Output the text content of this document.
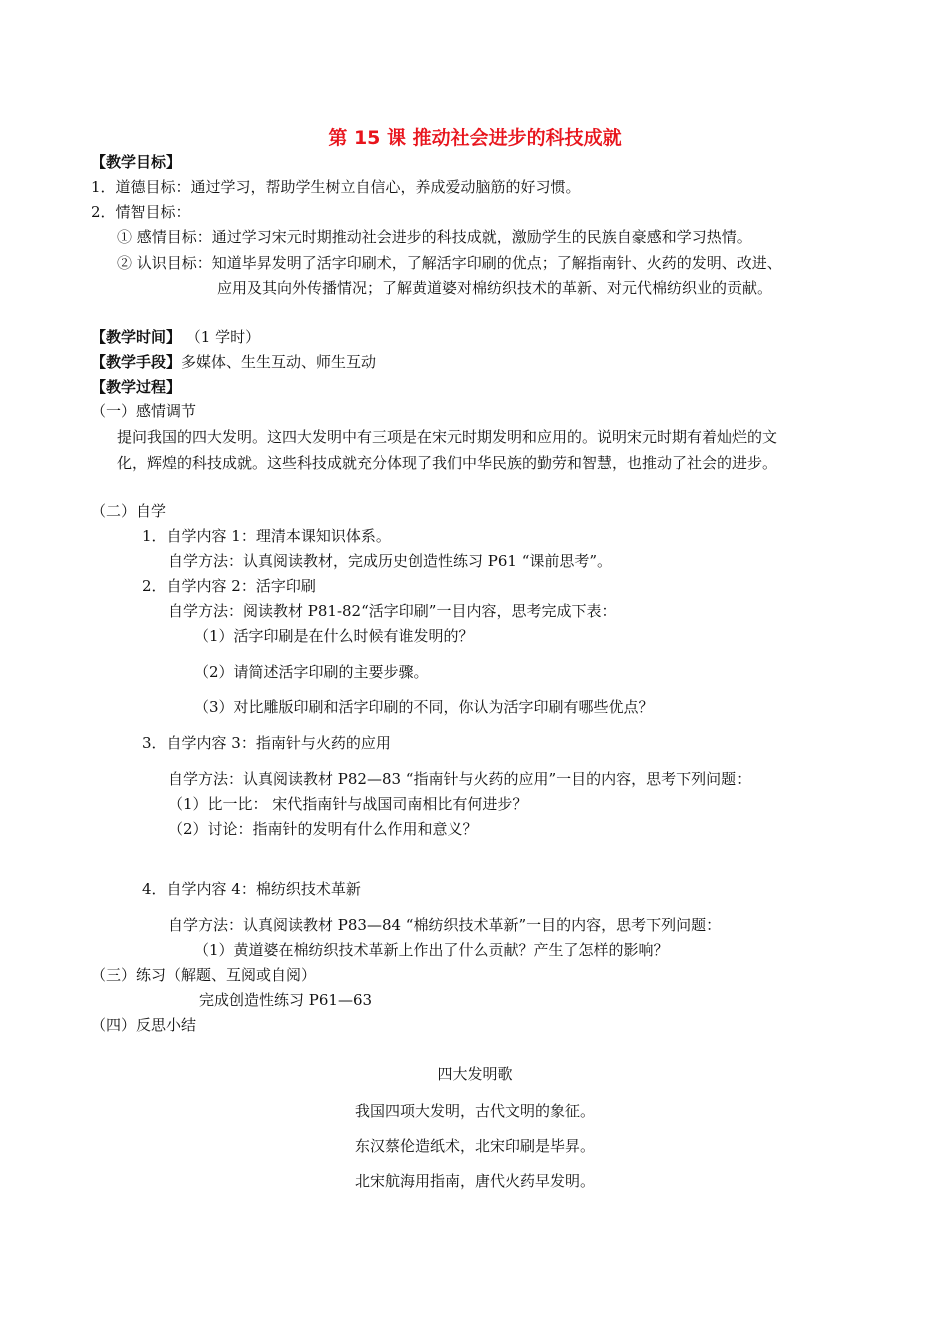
第 15 课 推动社会进步的科技成就
【教学目标】
1．道德目标：通过学习，帮助学生树立自信心，养成爱动脑筋的好习惯。
2．情智目标：
① 感情目标：通过学习宋元时期推动社会进步的科技成就，激励学生的民族自豪感和学习热情。
② 认识目标：知道毕昇发明了活字印刷术，了解活字印刷的优点；了解指南针、火药的发明、改进、
应用及其向外传播情况；了解黄道婆对棉纺织技术的革新、对元代棉纺织业的贡献。
【教学时间】 （1 学时）
【教学手段】多媒体、生生互动、师生互动
【教学过程】
（一）感情调节
提问我国的四大发明。这四大发明中有三项是在宋元时期发明和应用的。说明宋元时期有着灿烂的文
化，辉煌的科技成就。这些科技成就充分体现了我们中华民族的勤劳和智慧，也推动了社会的进步。
（二）自学
1．自学内容 1：理清本课知识体系。
自学方法：认真阅读教材，完成历史创造性练习 P61 “课前思考”。
2．自学内容 2：活字印刷
自学方法：阅读教材 P81-82“活字印刷”一目内容，思考完成下表：
（1）活字印刷是在什么时候有谁发明的？
（2）请简述活字印刷的主要步骤。
（3）对比雕版印刷和活字印刷的不同，你认为活字印刷有哪些优点？
3．自学内容 3：指南针与火药的应用
自学方法：认真阅读教材 P82—83 “指南针与火药的应用”一目的内容，思考下列问题：
（1）比一比： 宋代指南针与战国司南相比有何进步？
（2）讨论：指南针的发明有什么作用和意义？
4．自学内容 4：棉纺织技术革新
自学方法：认真阅读教材 P83—84 “棉纺织技术革新”一目的内容，思考下列问题：
（1）黄道婆在棉纺织技术革新上作出了什么贡献？产生了怎样的影响？
（三）练习（解题、互阅或自阅）
完成创造性练习 P61—63
（四）反思小结
四大发明歌
我国四项大发明，古代文明的象征。
东汉蔡伦造纸术，北宋印刷是毕昇。
北宋航海用指南，唐代火药早发明。
